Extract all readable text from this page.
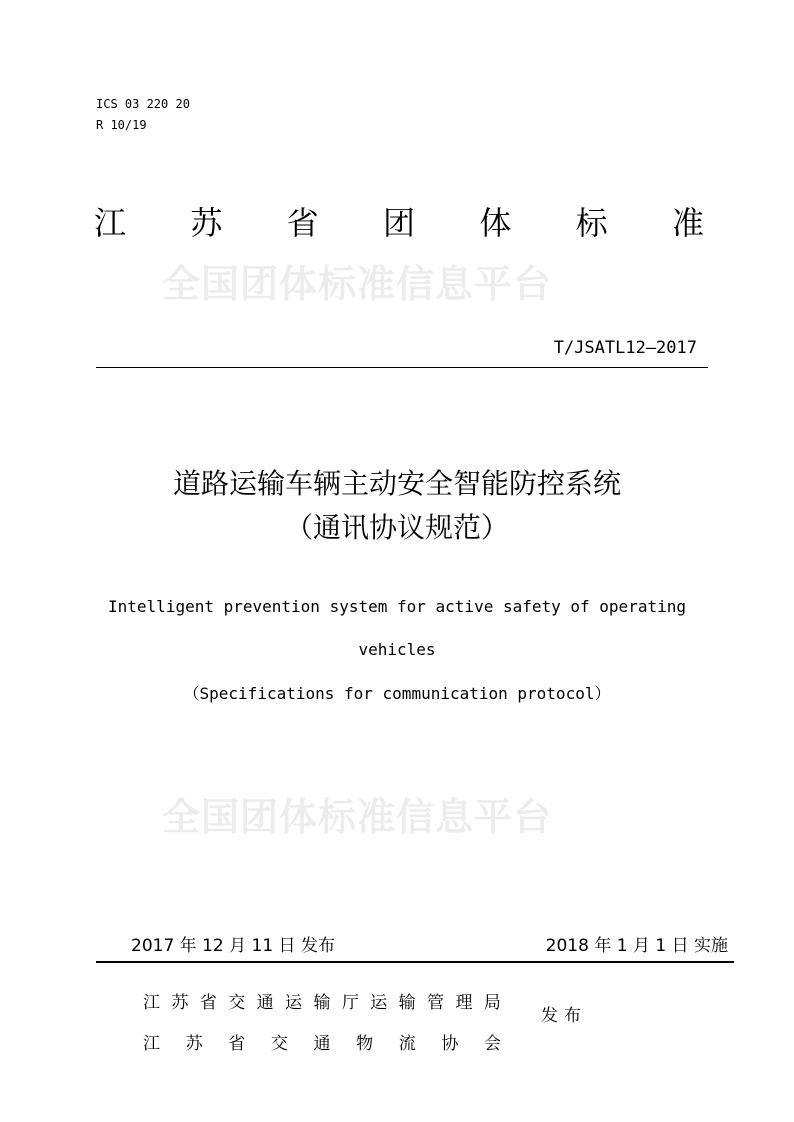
ICS 03 220 20
R 10/19
江 苏 省 团 体 标 准
全国团体标准信息平台
T/JSATL12—2017
道路运输车辆主动安全智能防控系统
（通讯协议规范）
Intelligent prevention system for active safety of operating
vehicles
（Specifications for communication protocol）
全国团体标准信息平台
2017 年 12 月 11 日 发布	2018 年 1 月 1 日 实施
江 苏 省 交 通 运 输 厅 运 输 管 理 局
江 苏 省 交 通 物 流 协 会
发布
